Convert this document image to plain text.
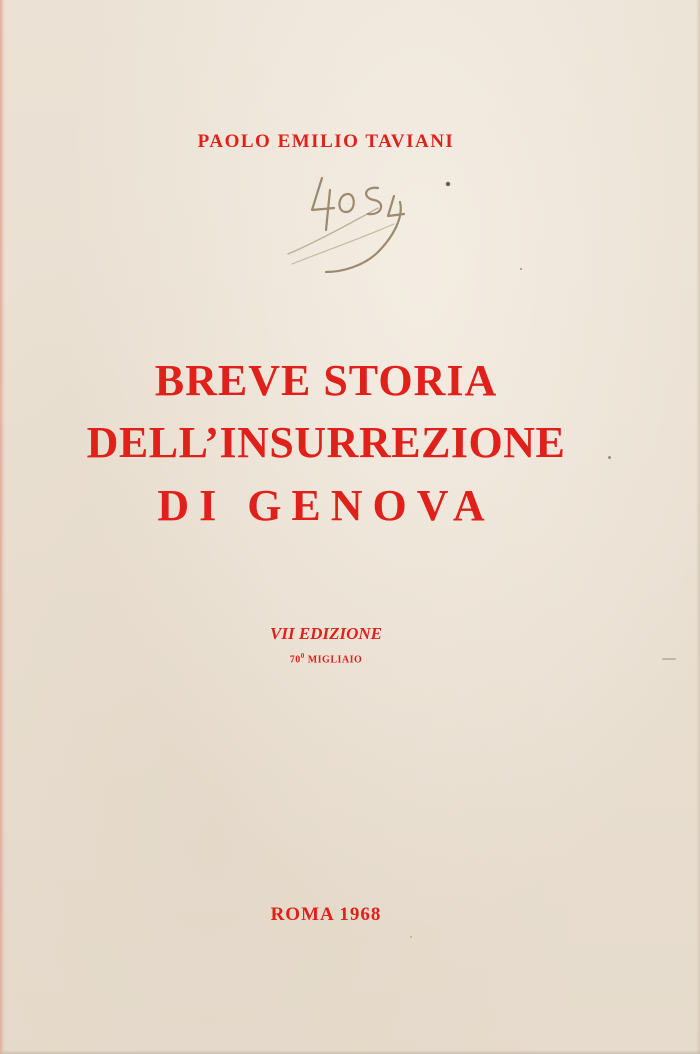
PAOLO EMILIO TAVIANI
BREVE STORIA
DELL’INSURREZIONE
DI GENOVA
VII EDIZIONE
$70^0$ MIGLIAIO
ROMA 1968
